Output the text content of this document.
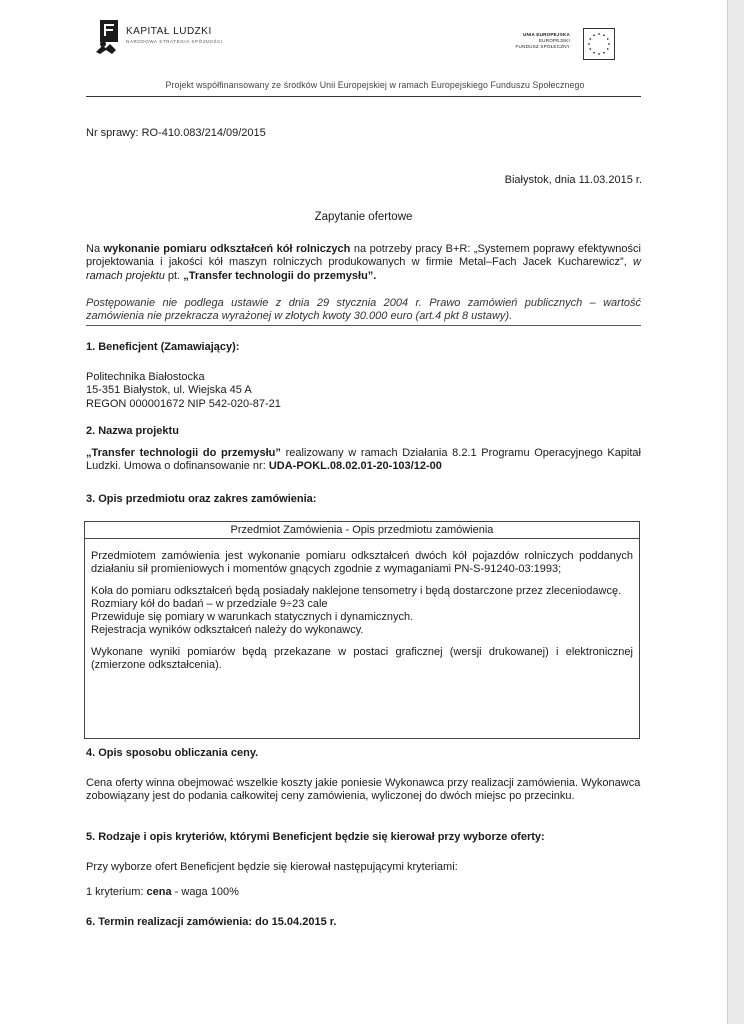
KAPITAŁ LUDZKI
NARODOWA STRATEGIA SPÓJNOŚCI
UNIA EUROPEJSKA
EUROPEJSKI
FUNDUSZ SPOŁECZNY
Projekt współfinansowany ze środków Unii Europejskiej w ramach Europejskiego Funduszu Społecznego
Nr sprawy: RO-410.083/214/09/2015
Białystok, dnia 11.03.2015 r.
Zapytanie ofertowe
Na wykonanie pomiaru odkształceń kół rolniczych na potrzeby pracy B+R: „Systemem poprawy efektywności projektowania i jakości kół maszyn rolniczych produkowanych w firmie Metal–Fach Jacek Kucharewicz”, w ramach projektu pt. „Transfer technologii do przemysłu”.
Postępowanie nie podlega ustawie z dnia 29 stycznia 2004 r. Prawo zamówień publicznych – wartość zamówienia nie przekracza wyrażonej w złotych kwoty 30.000 euro (art.4 pkt 8 ustawy).
1. Beneficjent (Zamawiający):
Politechnika Białostocka
15-351 Białystok, ul. Wiejska 45 A
REGON 000001672 NIP 542-020-87-21
2. Nazwa projektu
„Transfer technologii do przemysłu” realizowany w ramach Działania 8.2.1 Programu Operacyjnego Kapitał Ludzki. Umowa o dofinansowanie nr: UDA-POKL.08.02.01-20-103/12-00
3. Opis przedmiotu oraz zakres zamówienia:
Przedmiot Zamówienia - Opis przedmiotu zamówienia

Przedmiotem zamówienia jest wykonanie pomiaru odkształceń dwóch kół pojazdów rolniczych poddanych działaniu sił promieniowych i momentów gnących zgodnie z wymaganiami PN-S-91240-03:1993;

Koła do pomiaru odkształceń będą posiadały naklejone tensometry i będą dostarczone przez zleceniodawcę.

Rozmiary kół do badań – w przedziale 9÷23 cale

Przewiduje się pomiary w warunkach statycznych i dynamicznych.

Rejestracja wyników odkształceń należy do wykonawcy.

Wykonane wyniki pomiarów będą przekazane w postaci graficznej (wersji drukowanej) i elektronicznej (zmierzone odkształcenia).

4. Opis sposobu obliczania ceny.
Cena oferty winna obejmować wszelkie koszty jakie poniesie Wykonawca przy realizacji zamówienia. Wykonawca zobowiązany jest do podania całkowitej ceny zamówienia, wyliczonej do dwóch miejsc po przecinku.
5. Rodzaje i opis kryteriów, którymi Beneficjent będzie się kierował przy wyborze oferty:
Przy wyborze ofert Beneficjent będzie się kierował następującymi kryteriami:
1 kryterium: cena - waga 100%
6. Termin realizacji zamówienia: do 15.04.2015 r.
